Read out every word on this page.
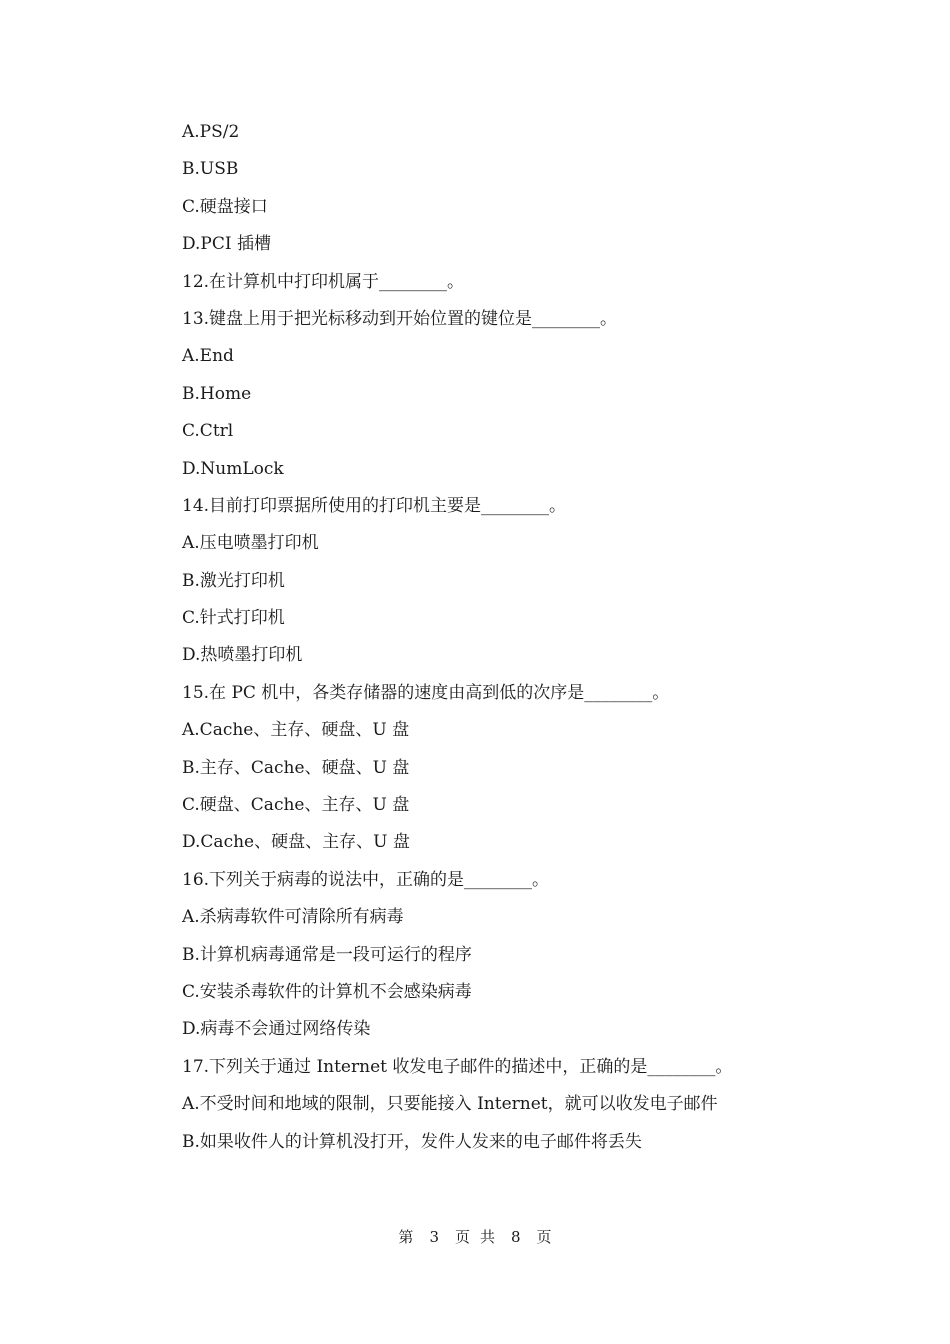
A.PS/2
B.USB
C.硬盘接口
D.PCI 插槽
12.在计算机中打印机属于________。
13.键盘上用于把光标移动到开始位置的键位是________。
A.End
B.Home
C.Ctrl
D.NumLock
14.目前打印票据所使用的打印机主要是________。
A.压电喷墨打印机
B.激光打印机
C.针式打印机
D.热喷墨打印机
15.在 PC 机中，各类存储器的速度由高到低的次序是________。
A.Cache、主存、硬盘、U 盘
B.主存、Cache、硬盘、U 盘
C.硬盘、Cache、主存、U 盘
D.Cache、硬盘、主存、U 盘
16.下列关于病毒的说法中，正确的是________。
A.杀病毒软件可清除所有病毒
B.计算机病毒通常是一段可运行的程序
C.安装杀毒软件的计算机不会感染病毒
D.病毒不会通过网络传染
17.下列关于通过 Internet 收发电子邮件的描述中，正确的是________。
A.不受时间和地域的限制，只要能接入 Internet，就可以收发电子邮件
B.如果收件人的计算机没打开，发件人发来的电子邮件将丢失
第 3 页共 8 页
